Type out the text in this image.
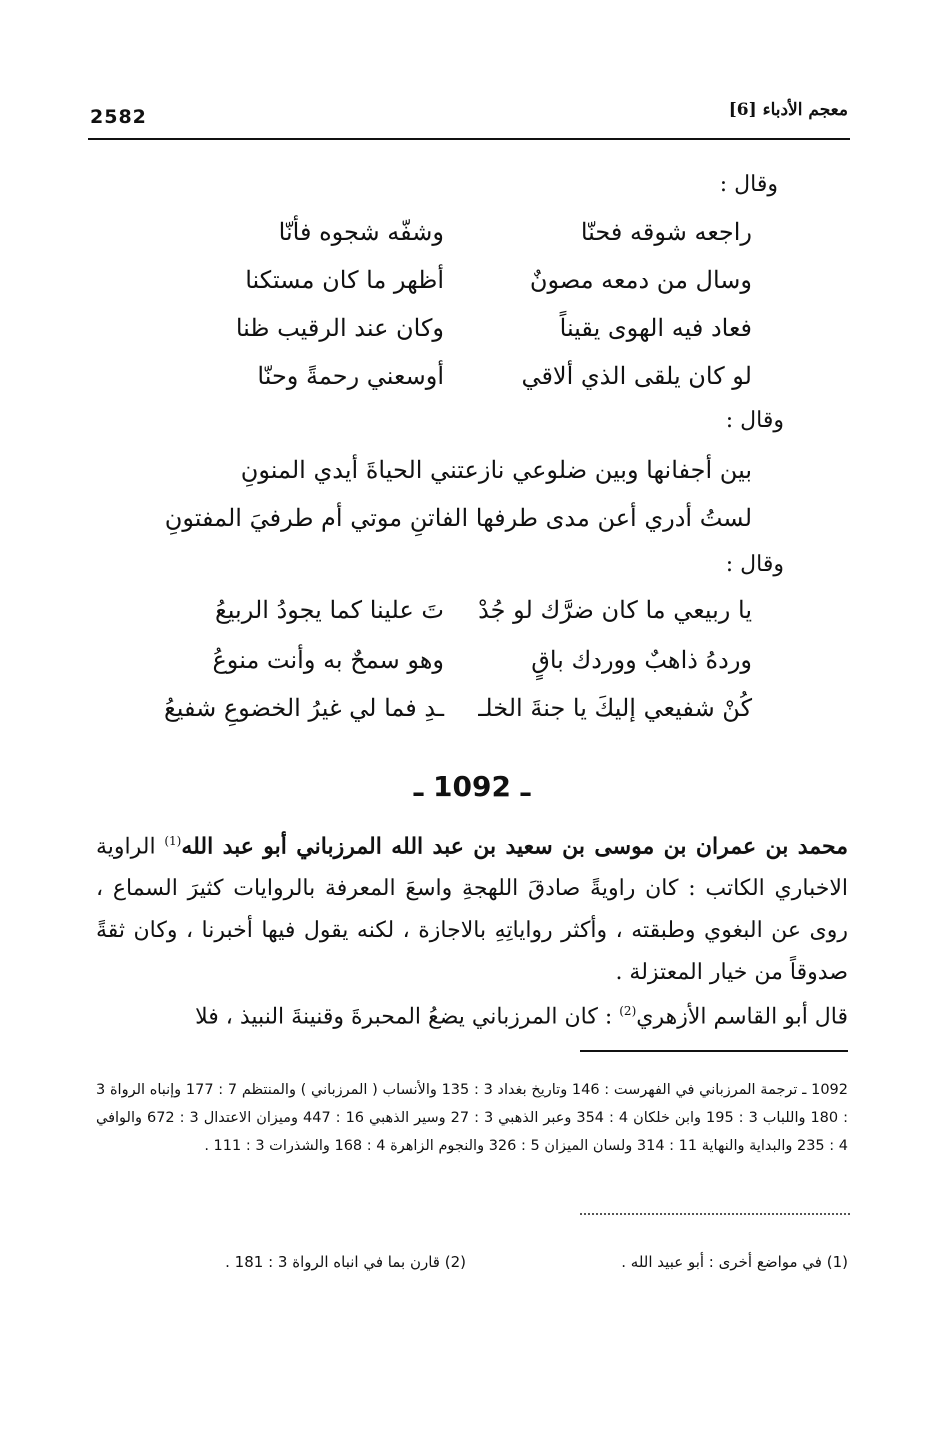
معجم الأدباء [6]
2582
وقال :
راجعه شوقه فحنّا
وشفّه شجوه فأنّا
وسال من دمعه مصونٌ
أظهر ما كان مستكنا
فعاد فيه الهوى يقيناً
وكان عند الرقيب ظنا
لو كان يلقى الذي ألاقي
أوسعني رحمةً وحنّا
وقال :
بين أجفانها وبين ضلوعي نازعتني الحياةَ أيدي المنونِ
لستُ أدري أعن مدى طرفها الفاتنِ موتي أم طرفيَ المفتونِ
وقال :
يا ربيعي ما كان ضرَّك لو جُدْ
تَ علينا كما يجودُ الربيعُ
وردهُ ذاهبٌ ووردك باقٍ
وهو سمحٌ به وأنت منوعُ
كُنْ شفيعي إليكَ يا جنةَ الخلـ
ـدِ فما لي غيرُ الخضوعِ شفيعُ
ـ 1092 ـ
محمد بن عمران بن موسى بن سعيد بن عبد الله المرزباني أبو عبد الله$^{(1)}$ الراوية الاخباري الكاتب : كان راويةً صادقَ اللهجةِ واسعَ المعرفة بالروايات كثيرَ السماع ، روى عن البغوي وطبقته ، وأكثر رواياتِهِ بالاجازة ، لكنه يقول فيها أخبرنا ، وكان ثقةً صدوقاً من خيار المعتزلة .
قال أبو القاسم الأزهري$^{(2)}$ : كان المرزباني يضعُ المحبرةَ وقنينةَ النبيذ ، فلا
1092 ـ ترجمة المرزباني في الفهرست : 146 وتاريخ بغداد 3 : 135 والأنساب ( المرزباني ) والمنتظم 7 : 177 وإنباه الرواة 3 : 180 واللباب 3 : 195 وابن خلكان 4 : 354 وعبر الذهبي 3 : 27 وسير الذهبي 16 : 447 وميزان الاعتدال 3 : 672 والوافي 4 : 235 والبداية والنهاية 11 : 314 ولسان الميزان 5 : 326 والنجوم الزاهرة 4 : 168 والشذرات 3 : 111 .
(1) في مواضع أخرى : أبو عبيد الله .
(2) قارن بما في انباه الرواة 3 : 181 .
